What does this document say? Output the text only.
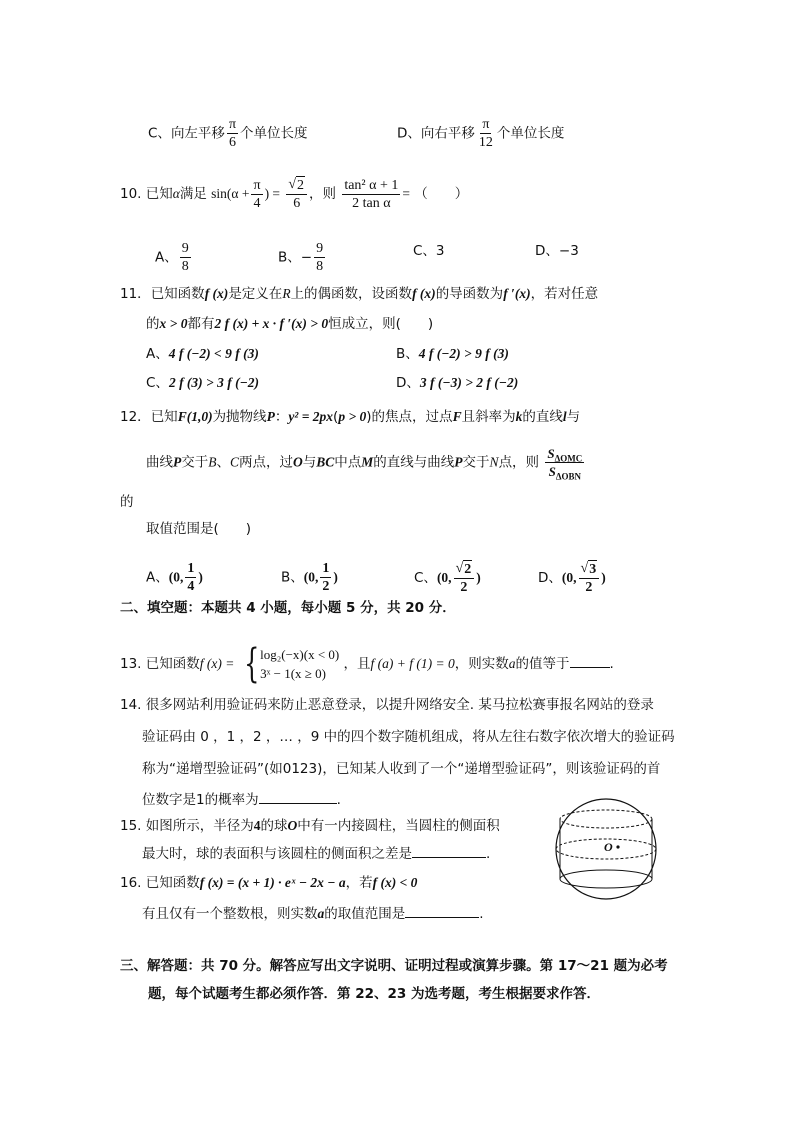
C、向左平移 $\frac{\pi}{6}$ 个单位长度	D、向右平移 $\frac{\pi}{12}$ 个单位长度
10. 已知α满足 $\sin(\alpha + \frac{\pi}{4}$ ) = $\frac{√ 2}{6}$ ，则 $\frac{\text{tan² α + 1}}{\text{2 tan α}}$ = （　　）
A、 $\frac{9}{8}$	B、− $\frac{9}{8}$	C、3	D、−3
11．已知函数f (x)是定义在R上的偶函数，设函数f (x)的导函数为f ′(x)，若对任意
的x > 0都有2 f (x) + x · f ′(x) > 0恒成立，则(　　)
A、4 f (−2) < 9 f (3)	B、4 f (−2) > 9 f (3)
C、2 f (3) > 3 f (−2)	D、3 f (−3) > 2 f (−2)
12．已知F(1,0)为抛物线P：y² = 2px(p > 0)的焦点，过点F且斜率为k的直线l与
曲线P交于B、C两点，过O与BC中点M的直线与曲线P交于N点，则 $\frac{S_{\Delta OMC}}{S_{\Delta OBN}}$
的
取值范围是(　　)
A、(0, $\frac{1}{4}$ )	B、(0, $\frac{1}{2}$ )	C、(0, $\frac{√ 2}{2}$ )	D、(0, $\frac{√ 3}{2}$ )
二、填空题：本题共 4 小题，每小题 5 分，共 20 分．
13. 已知函数f (x) = { log₂(−x)(x < 0)
3ˣ − 1(x ≥ 0)
，且f (a) + f (1) = 0，则实数a的值等于	.
14. 很多网站利用验证码来防止恶意登录，以提升网络安全. 某马拉松赛事报名网站的登录
验证码由 0 ，1 ，2 ，… ，9 中的四个数字随机组成，将从左往右数字依次增大的验证码
称为“递增型验证码”(如0123)，已知某人收到了一个“递增型验证码”，则该验证码的首
位数字是1的概率为	.
15. 如图所示，半径为4的球O中有一内接圆柱，当圆柱的侧面积
最大时，球的表面积与该圆柱的侧面积之差是	.	O
16. 已知函数f (x) = (x + 1) · eˣ − 2x − a，若f (x) < 0
有且仅有一个整数根，则实数a的取值范围是	.
三、解答题：共 70 分。解答应写出文字说明、证明过程或演算步骤。第 17～21 题为必考
题，每个试题考生都必须作答．第 22、23 为选考题，考生根据要求作答．
